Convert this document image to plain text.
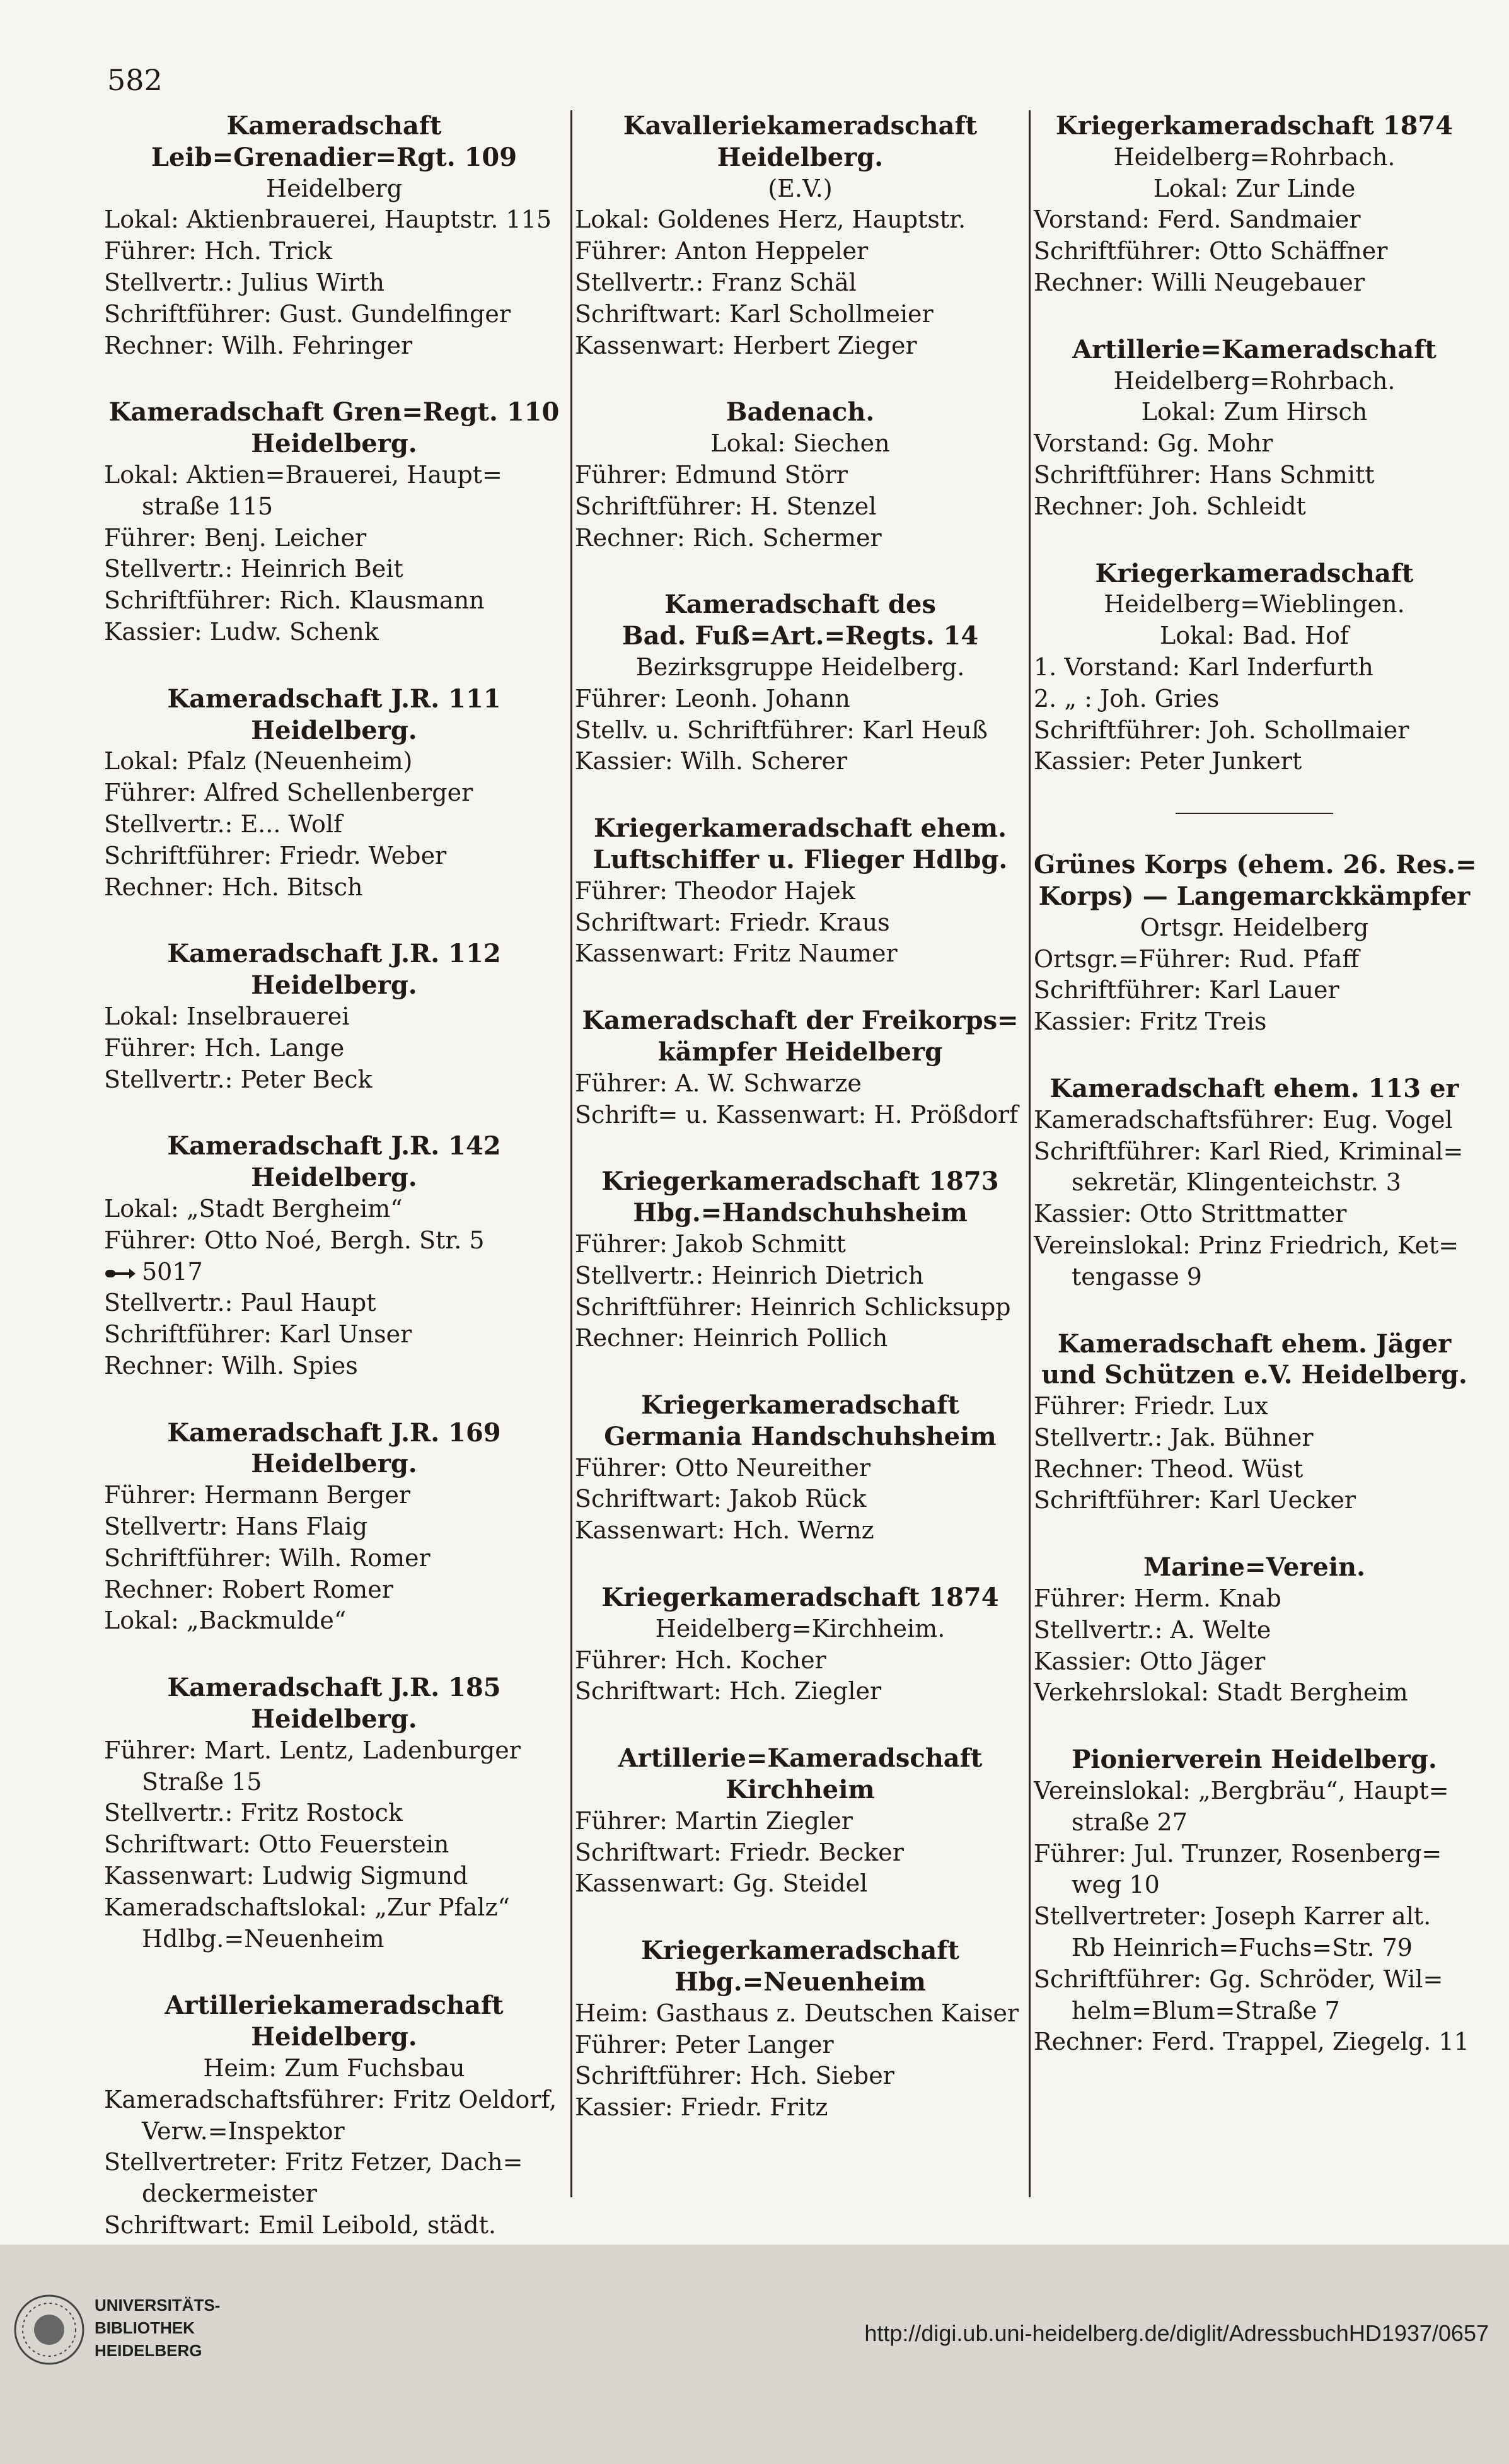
582
Kameradschaft
Leib=Grenadier=Rgt. 109
Heidelberg
Lokal: Aktienbrauerei, Hauptstr. 115
Führer: Hch. Trick
Stellvertr.: Julius Wirth
Schriftführer: Gust. Gundelfinger
Rechner: Wilh. Fehringer
Kameradschaft Gren=Regt. 110
Heidelberg.
Lokal: Aktien=Brauerei, Haupt=
straße 115
Führer: Benj. Leicher
Stellvertr.: Heinrich Beit
Schriftführer: Rich. Klausmann
Kassier: Ludw. Schenk
Kameradschaft J.R. 111
Heidelberg.
Lokal: Pfalz (Neuenheim)
Führer: Alfred Schellenberger
Stellvertr.: E... Wolf
Schriftführer: Friedr. Weber
Rechner: Hch. Bitsch
Kameradschaft J.R. 112
Heidelberg.
Lokal: Inselbrauerei
Führer: Hch. Lange
Stellvertr.: Peter Beck
Kameradschaft J.R. 142
Heidelberg.
Lokal: „Stadt Bergheim“
Führer: Otto Noé, Bergh. Str. 5
5017
Stellvertr.: Paul Haupt
Schriftführer: Karl Unser
Rechner: Wilh. Spies
Kameradschaft J.R. 169
Heidelberg.
Führer: Hermann Berger
Stellvertr: Hans Flaig
Schriftführer: Wilh. Romer
Rechner: Robert Romer
Lokal: „Backmulde“
Kameradschaft J.R. 185
Heidelberg.
Führer: Mart. Lentz, Ladenburger
Straße 15
Stellvertr.: Fritz Rostock
Schriftwart: Otto Feuerstein
Kassenwart: Ludwig Sigmund
Kameradschaftslokal: „Zur Pfalz“
Hdlbg.=Neuenheim
Artilleriekameradschaft
Heidelberg.
Heim: Zum Fuchsbau
Kameradschaftsführer: Fritz Oeldorf,
Verw.=Inspektor
Stellvertreter: Fritz Fetzer, Dach=
deckermeister
Schriftwart: Emil Leibold, städt.
Kavalleriekameradschaft
Heidelberg.
(E.V.)
Lokal: Goldenes Herz, Hauptstr.
Führer: Anton Heppeler
Stellvertr.: Franz Schäl
Schriftwart: Karl Schollmeier
Kassenwart: Herbert Zieger
Badenach.
Lokal: Siechen
Führer: Edmund Störr
Schriftführer: H. Stenzel
Rechner: Rich. Schermer
Kameradschaft des
Bad. Fuß=Art.=Regts. 14
Bezirksgruppe Heidelberg.
Führer: Leonh. Johann
Stellv. u. Schriftführer: Karl Heuß
Kassier: Wilh. Scherer
Kriegerkameradschaft ehem.
Luftschiffer u. Flieger Hdlbg.
Führer: Theodor Hajek
Schriftwart: Friedr. Kraus
Kassenwart: Fritz Naumer
Kameradschaft der Freikorps=
kämpfer Heidelberg
Führer: A. W. Schwarze
Schrift= u. Kassenwart: H. Prößdorf
Kriegerkameradschaft 1873
Hbg.=Handschuhsheim
Führer: Jakob Schmitt
Stellvertr.: Heinrich Dietrich
Schriftführer: Heinrich Schlicksupp
Rechner: Heinrich Pollich
Kriegerkameradschaft
Germania Handschuhsheim
Führer: Otto Neureither
Schriftwart: Jakob Rück
Kassenwart: Hch. Wernz
Kriegerkameradschaft 1874
Heidelberg=Kirchheim.
Führer: Hch. Kocher
Schriftwart: Hch. Ziegler
Artillerie=Kameradschaft
Kirchheim
Führer: Martin Ziegler
Schriftwart: Friedr. Becker
Kassenwart: Gg. Steidel
Kriegerkameradschaft
Hbg.=Neuenheim
Heim: Gasthaus z. Deutschen Kaiser
Führer: Peter Langer
Schriftführer: Hch. Sieber
Kassier: Friedr. Fritz
Kriegerkameradschaft 1874
Heidelberg=Rohrbach.
Lokal: Zur Linde
Vorstand: Ferd. Sandmaier
Schriftführer: Otto Schäffner
Rechner: Willi Neugebauer
Artillerie=Kameradschaft
Heidelberg=Rohrbach.
Lokal: Zum Hirsch
Vorstand: Gg. Mohr
Schriftführer: Hans Schmitt
Rechner: Joh. Schleidt
Kriegerkameradschaft
Heidelberg=Wieblingen.
Lokal: Bad. Hof
1. Vorstand: Karl Inderfurth
2. „ : Joh. Gries
Schriftführer: Joh. Schollmaier
Kassier: Peter Junkert
Grünes Korps (ehem. 26. Res.=
Korps) — Langemarckkämpfer
Ortsgr. Heidelberg
Ortsgr.=Führer: Rud. Pfaff
Schriftführer: Karl Lauer
Kassier: Fritz Treis
Kameradschaft ehem. 113 er
Kameradschaftsführer: Eug. Vogel
Schriftführer: Karl Ried, Kriminal=
sekretär, Klingenteichstr. 3
Kassier: Otto Strittmatter
Vereinslokal: Prinz Friedrich, Ket=
tengasse 9
Kameradschaft ehem. Jäger
und Schützen e.V. Heidelberg.
Führer: Friedr. Lux
Stellvertr.: Jak. Bühner
Rechner: Theod. Wüst
Schriftführer: Karl Uecker
Marine=Verein.
Führer: Herm. Knab
Stellvertr.: A. Welte
Kassier: Otto Jäger
Verkehrslokal: Stadt Bergheim
Pionierverein Heidelberg.
Vereinslokal: „Bergbräu“, Haupt=
straße 27
Führer: Jul. Trunzer, Rosenberg=
weg 10
Stellvertreter: Joseph Karrer alt.
Rb Heinrich=Fuchs=Str. 79
Schriftführer: Gg. Schröder, Wil=
helm=Blum=Straße 7
Rechner: Ferd. Trappel, Ziegelg. 11
UNIVERSITÄTS-
BIBLIOTHEK
HEIDELBERG
http://digi.ub.uni-heidelberg.de/diglit/AdressbuchHD1937/0657
